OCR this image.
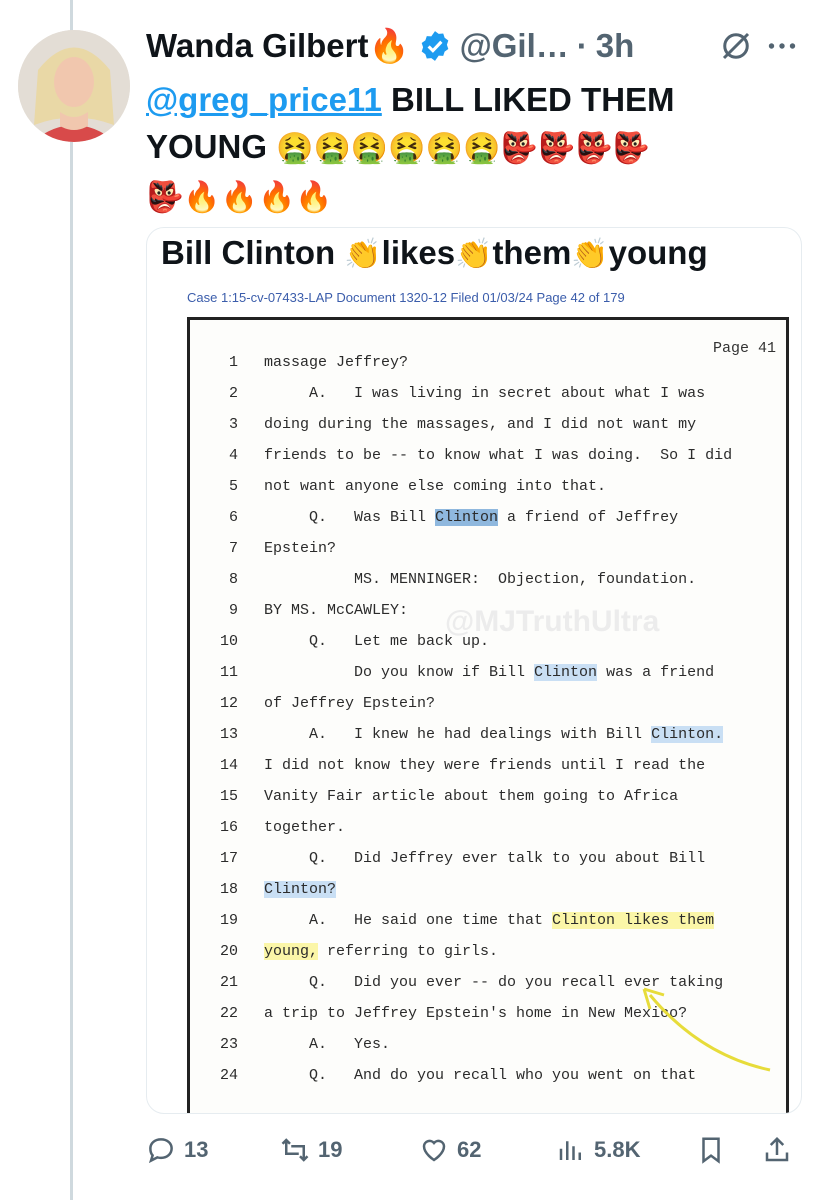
Wanda Gilbert🔥 @Gil… · 3h
@greg_price11 BILL LIKED THEM
YOUNG 🤮🤮🤮🤮🤮🤮👺👺👺👺
👺🔥🔥🔥🔥
Bill Clinton 👏likes👏them👏young
Case 1:15-cv-07433-LAP Document 1320-12 Filed 01/03/24 Page 42 of 179
Page 41
@MJTruthUltra
1 massage Jeffrey?
2 A.   I was living in secret about what I was
3 doing during the massages, and I did not want my
4 friends to be -- to know what I was doing.  So I did
5 not want anyone else coming into that.
6 Q.   Was Bill Clinton a friend of Jeffrey
7 Epstein?
8 MS. MENNINGER:  Objection, foundation.
9 BY MS. McCAWLEY:
10 Q.   Let me back up.
11 Do you know if Bill Clinton was a friend
12 of Jeffrey Epstein?
13 A.   I knew he had dealings with Bill Clinton.
14 I did not know they were friends until I read the
15 Vanity Fair article about them going to Africa
16 together.
17 Q.   Did Jeffrey ever talk to you about Bill
18 Clinton?
19 A.   He said one time that Clinton likes them
20 young, referring to girls.
21 Q.   Did you ever -- do you recall ever taking
22 a trip to Jeffrey Epstein's home in New Mexico?
23 A.   Yes.
24 Q.   And do you recall who you went on that
13	19	62	5.8K
